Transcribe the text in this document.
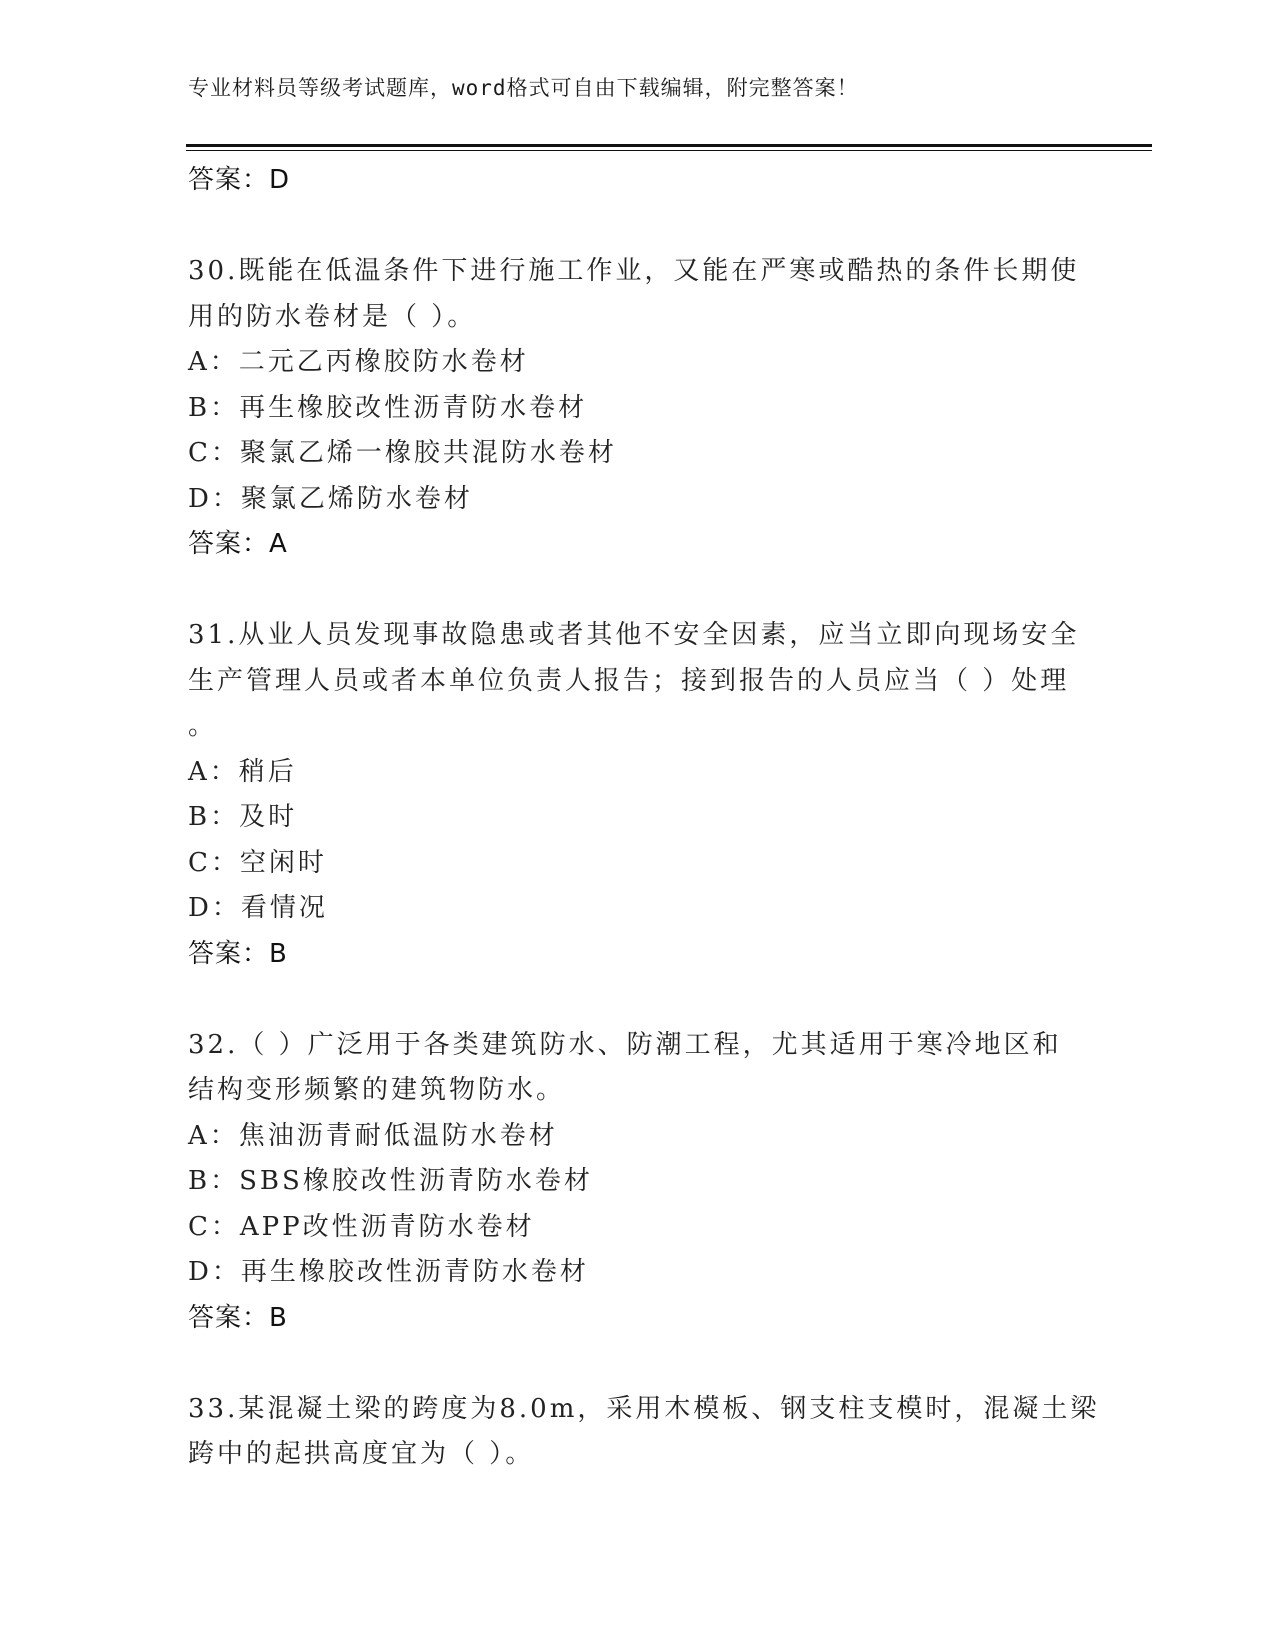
专业材料员等级考试题库，word格式可自由下载编辑，附完整答案！
答案：D
30.既能在低温条件下进行施工作业，又能在严寒或酷热的条件长期使
用的防水卷材是（ ）。
A：二元乙丙橡胶防水卷材
B：再生橡胶改性沥青防水卷材
C：聚氯乙烯一橡胶共混防水卷材
D：聚氯乙烯防水卷材
答案：A
31.从业人员发现事故隐患或者其他不安全因素，应当立即向现场安全
生产管理人员或者本单位负责人报告；接到报告的人员应当（ ）处理
。
A：稍后
B：及时
C：空闲时
D：看情况
答案：B
32.（ ）广泛用于各类建筑防水、防潮工程，尤其适用于寒冷地区和
结构变形频繁的建筑物防水。
A：焦油沥青耐低温防水卷材
B：SBS橡胶改性沥青防水卷材
C：APP改性沥青防水卷材
D：再生橡胶改性沥青防水卷材
答案：B
33.某混凝土梁的跨度为8.0m，采用木模板、钢支柱支模时，混凝土梁
跨中的起拱高度宜为（ ）。
